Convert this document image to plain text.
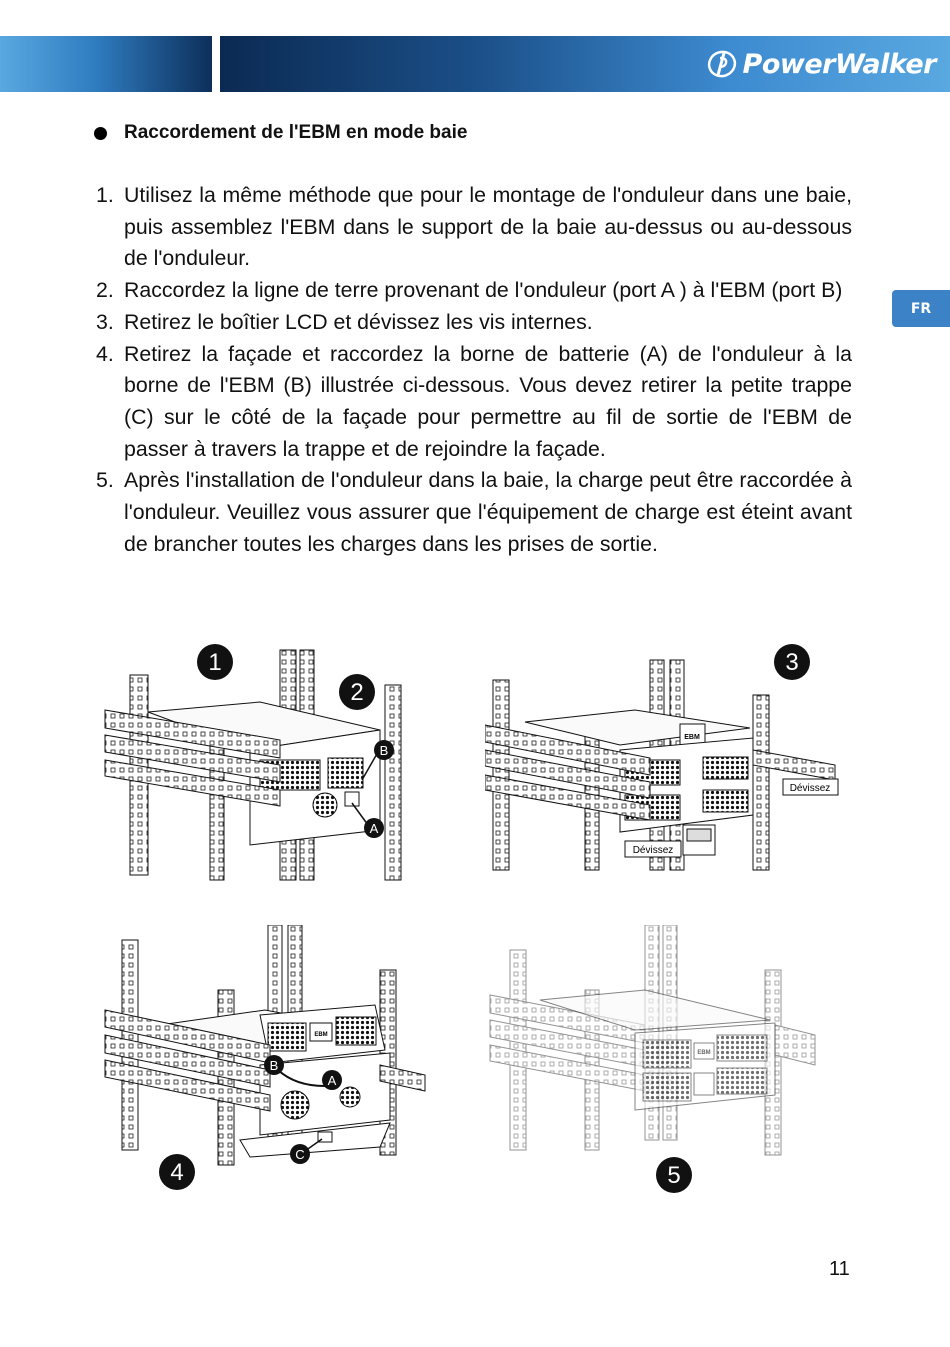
PowerWalker
FR
Raccordement de l'EBM en mode baie
1. Utilisez la même méthode que pour le montage de l'onduleur dans une baie, puis assemblez l'EBM dans le support de la baie au-dessus ou au-dessous de l'onduleur.
2. Raccordez la ligne de terre provenant de l'onduleur (port A ) à l'EBM (port B)
3. Retirez le boîtier LCD et dévissez les vis internes.
4. Retirez la façade et raccordez la borne de batterie (A) de l'onduleur à la borne de l'EBM (B) illustrée ci-dessous. Vous devez retirer la petite trappe (C) sur le côté de la façade pour permettre au fil de sortie de l'EBM de passer à travers la trappe et de rejoindre la façade.
5. Après l'installation de l'onduleur dans la baie, la charge peut être raccordée à l'onduleur. Veuillez vous assurer que l'équipement de charge est éteint avant de brancher toutes les charges dans les prises de sortie.
1
2
B
A
EBM
3
Dévissez
Dévissez
EBM
B
A
C
4
EBM
5
11
